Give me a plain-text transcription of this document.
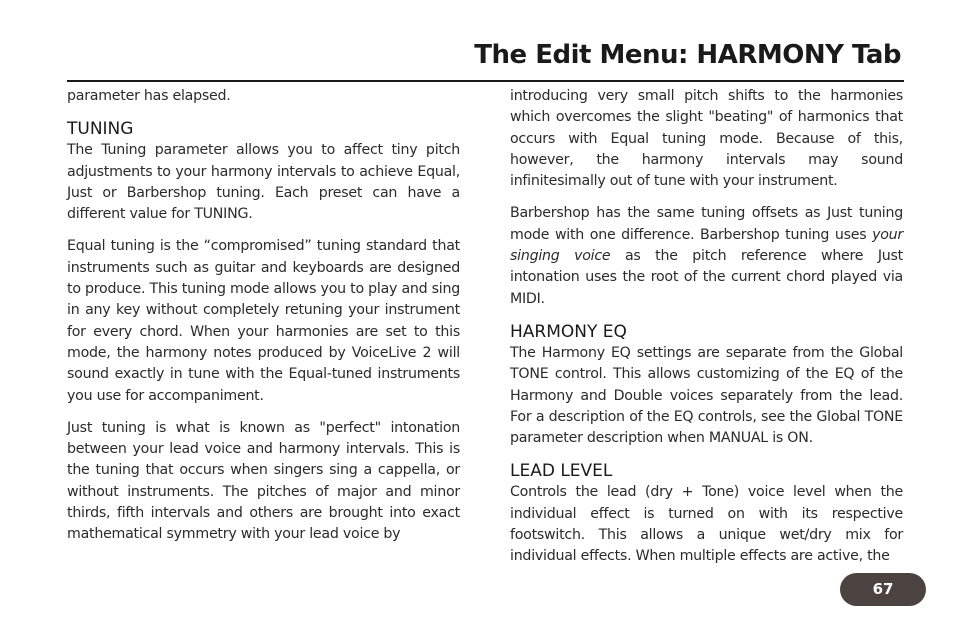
The Edit Menu: HARMONY Tab

parameter has elapsed.

TUNING

The Tuning parameter allows you to affect tiny pitch adjustments to your harmony intervals to achieve Equal, Just or Barbershop tuning. Each preset can have a different value for TUNING.

Equal tuning is the “compromised” tuning standard that instruments such as guitar and keyboards are designed to produce. This tuning mode allows you to play and sing in any key without completely retuning your instrument for every chord. When your harmonies are set to this mode, the harmony notes produced by VoiceLive 2 will sound exactly in tune with the Equal-tuned instruments you use for accompaniment.

Just tuning is what is known as "perfect" intonation between your lead voice and harmony intervals. This is the tuning that occurs when singers sing a cappella, or without instruments. The pitches of major and minor thirds, fifth intervals and others are brought into exact mathematical symmetry with your lead voice by

introducing very small pitch shifts to the harmonies which overcomes the slight "beating" of harmonics that occurs with Equal tuning mode. Because of this, however, the harmony intervals may sound infinitesimally out of tune with your instrument.

Barbershop has the same tuning offsets as Just tuning mode with one difference. Barbershop tuning uses your singing voice as the pitch reference where Just intonation uses the root of the current chord played via MIDI.

HARMONY EQ

The Harmony EQ settings are separate from the Global TONE control. This allows customizing of the EQ of the Harmony and Double voices separately from the lead. For a description of the EQ controls, see the Global TONE parameter description when MANUAL is ON.

LEAD LEVEL

Controls the lead (dry + Tone) voice level when the individual effect is turned on with its respective footswitch. This allows a unique wet/dry mix for individual effects. When multiple effects are active, the

67
